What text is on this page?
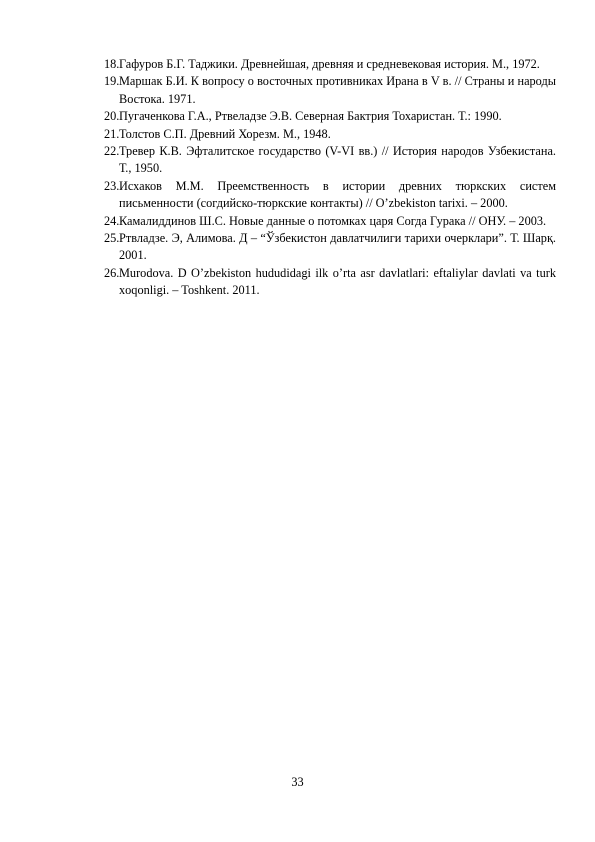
18. Гафуров Б.Г. Таджики. Древнейшая, древняя и средневековая история. М., 1972.
19. Маршак Б.И. К вопросу о восточных противниках Ирана в V в. // Страны и народы Востока. 1971.
20. Пугаченкова Г.А., Ртвеладзе Э.В. Северная Бактрия Тохаристан. Т.: 1990.
21. Толстов С.П. Древний Хорезм. М., 1948.
22. Тревер К.В. Эфталитское государство (V-VI вв.) // История народов Узбекистана. Т., 1950.
23. Исхаков М.М. Преемственность в истории древних тюркских систем письменности (согдийско-тюркские контакты) // O’zbekiston tarixi. – 2000.
24. Камалиддинов Ш.С. Новые данные о потомках царя Согда Гурака // ОНУ. – 2003.
25. Ртвладзе. Э, Алимова. Д – “Ўзбекистон давлатчилиги тарихи очерклари”. Т. Шарқ. 2001.
26. Murodova. D O’zbekiston hududidagi ilk o’rta asr davlatlari: eftaliylar davlati va turk xoqonligi. – Toshkent. 2011.
33
